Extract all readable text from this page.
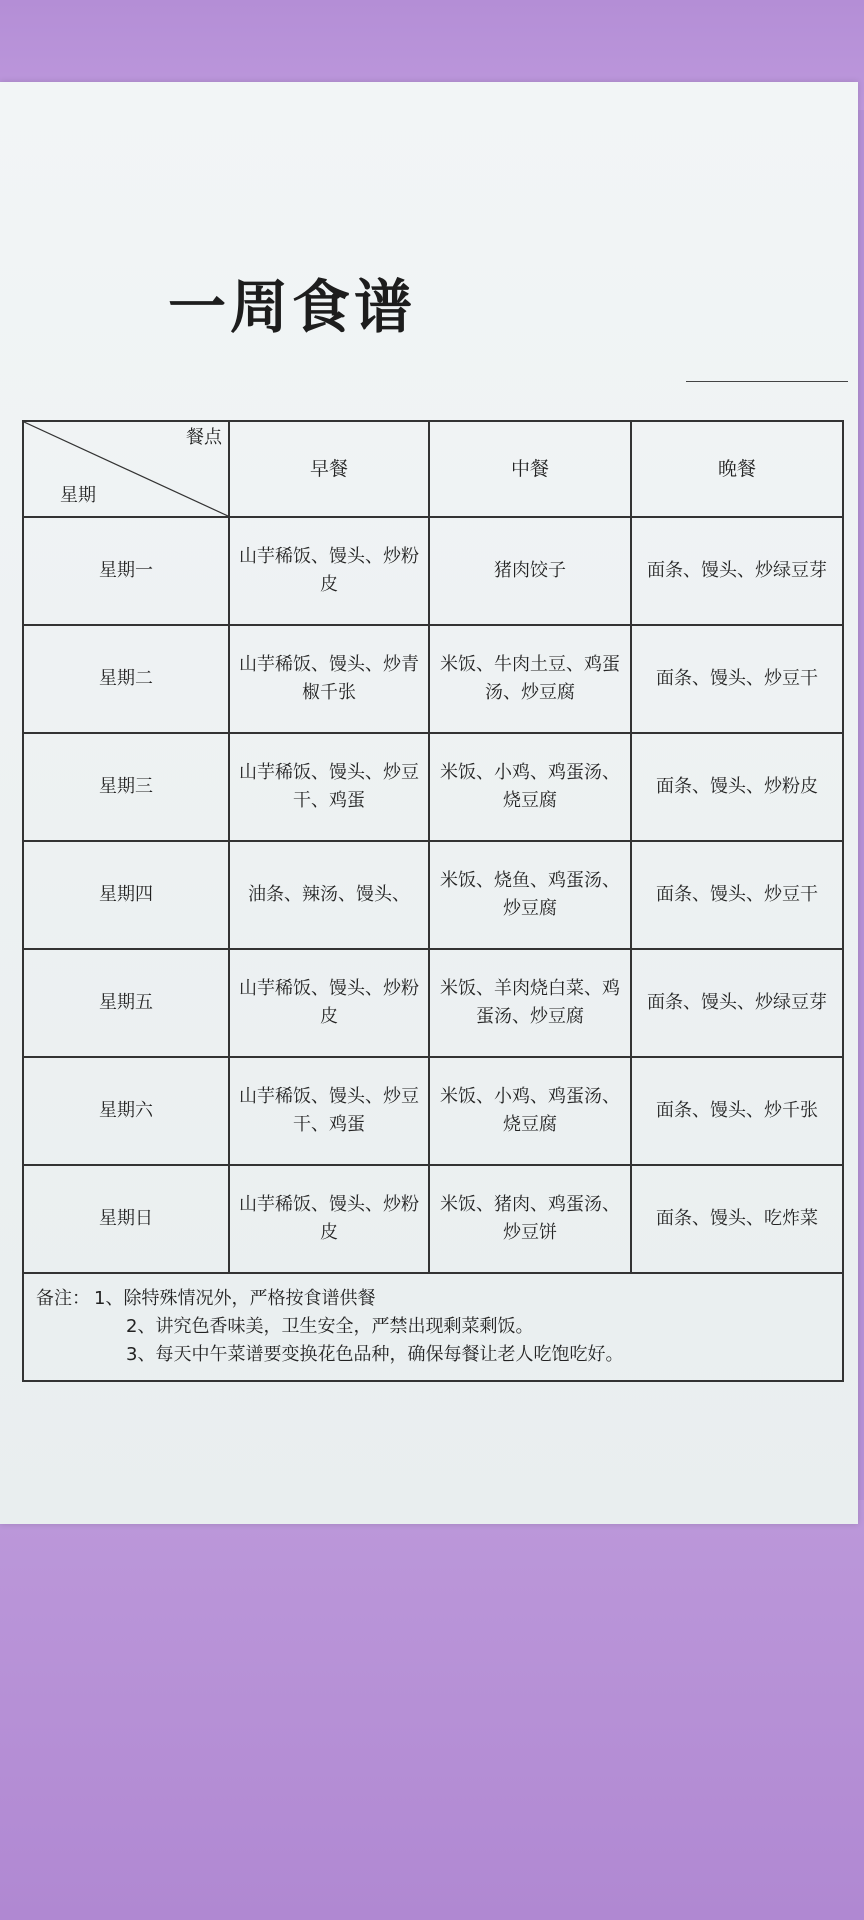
一周食谱
餐点
星期	早餐	中餐	晚餐
星期一	山芋稀饭、馒头、炒粉皮	猪肉饺子	面条、馒头、炒绿豆芽
星期二	山芋稀饭、馒头、炒青椒千张	米饭、牛肉土豆、鸡蛋汤、炒豆腐	面条、馒头、炒豆干
星期三	山芋稀饭、馒头、炒豆干、鸡蛋	米饭、小鸡、鸡蛋汤、烧豆腐	面条、馒头、炒粉皮
星期四	油条、辣汤、馒头、	米饭、烧鱼、鸡蛋汤、炒豆腐	面条、馒头、炒豆干
星期五	山芋稀饭、馒头、炒粉皮	米饭、羊肉烧白菜、鸡蛋汤、炒豆腐	面条、馒头、炒绿豆芽
星期六	山芋稀饭、馒头、炒豆干、鸡蛋	米饭、小鸡、鸡蛋汤、烧豆腐	面条、馒头、炒千张
星期日	山芋稀饭、馒头、炒粉皮	米饭、猪肉、鸡蛋汤、炒豆饼	面条、馒头、吃炸菜

备注： 1、除特殊情况外，严格按食谱供餐
2、讲究色香味美，卫生安全，严禁出现剩菜剩饭。
3、每天中午菜谱要变换花色品种，确保每餐让老人吃饱吃好。			
